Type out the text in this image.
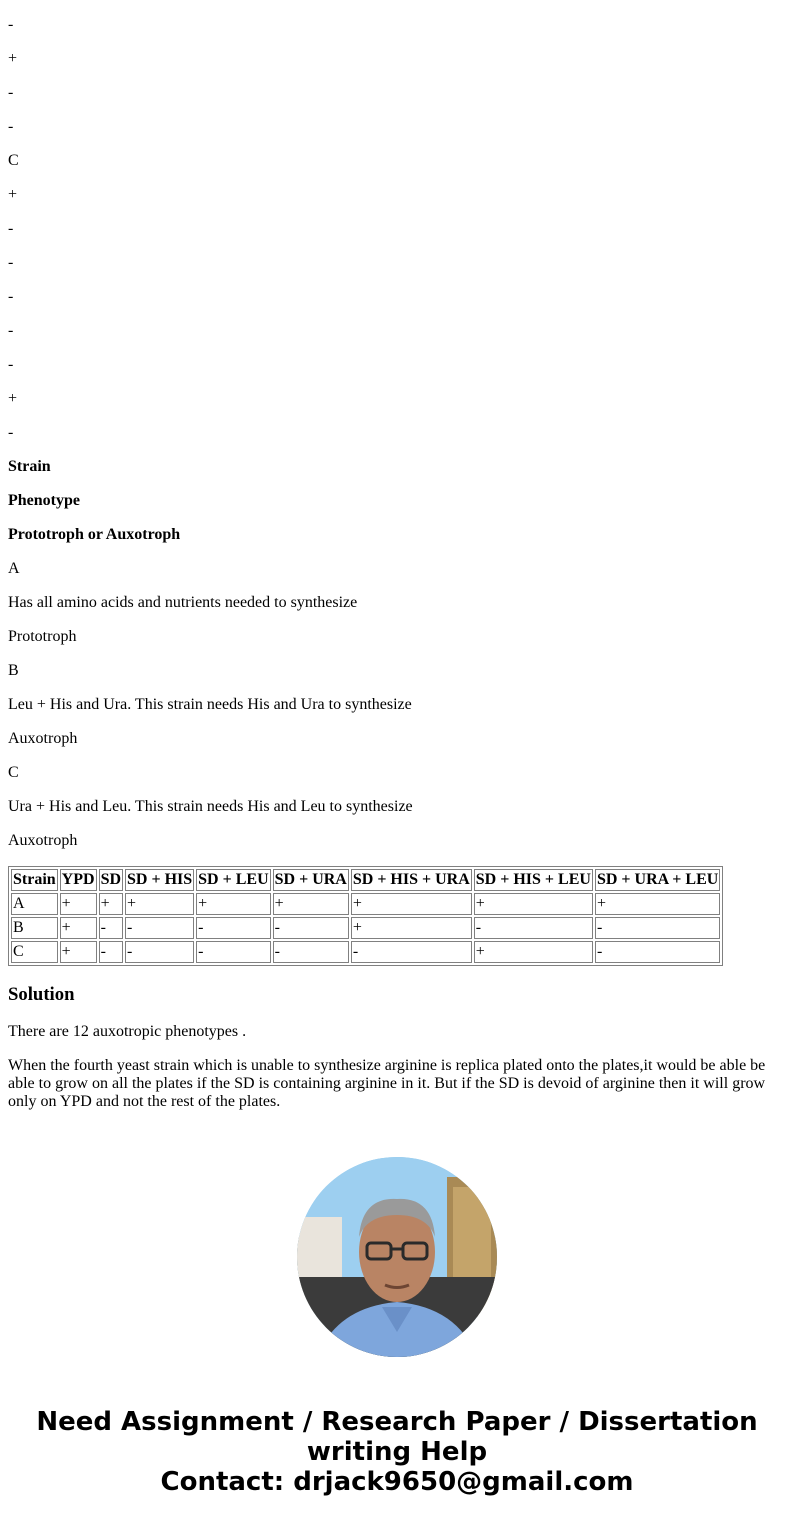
-
+
-
-
C
+
-
-
-
-
-
+
-
Strain
Phenotype
Prototroph or Auxotroph
A
Has all amino acids and nutrients needed to synthesize
Prototroph
B
Leu + His and Ura. This strain needs His and Ura to synthesize
Auxotroph
C
Ura + His and Leu. This strain needs His and Leu to synthesize
Auxotroph
Strain	YPD	SD	SD + HIS	SD + LEU	SD + URA	SD + HIS + URA	SD + HIS + LEU	SD + URA + LEU
A	+	+	+	+	+	+	+	+
B	+	-	-	-	-	+	-	-
C	+	-	-	-	-	-	+	-
Solution

There are 12 auxotropic phenotypes .

When the fourth yeast strain which is unable to synthesize arginine is replica plated onto the plates,it would be able be able to grow on all the plates if the SD is containing arginine in it. But if the SD is devoid of arginine then it will grow only on YPD and not the rest of the plates.

Need Assignment / Research Paper / Dissertation writing Help
Contact: drjack9650@gmail.com
